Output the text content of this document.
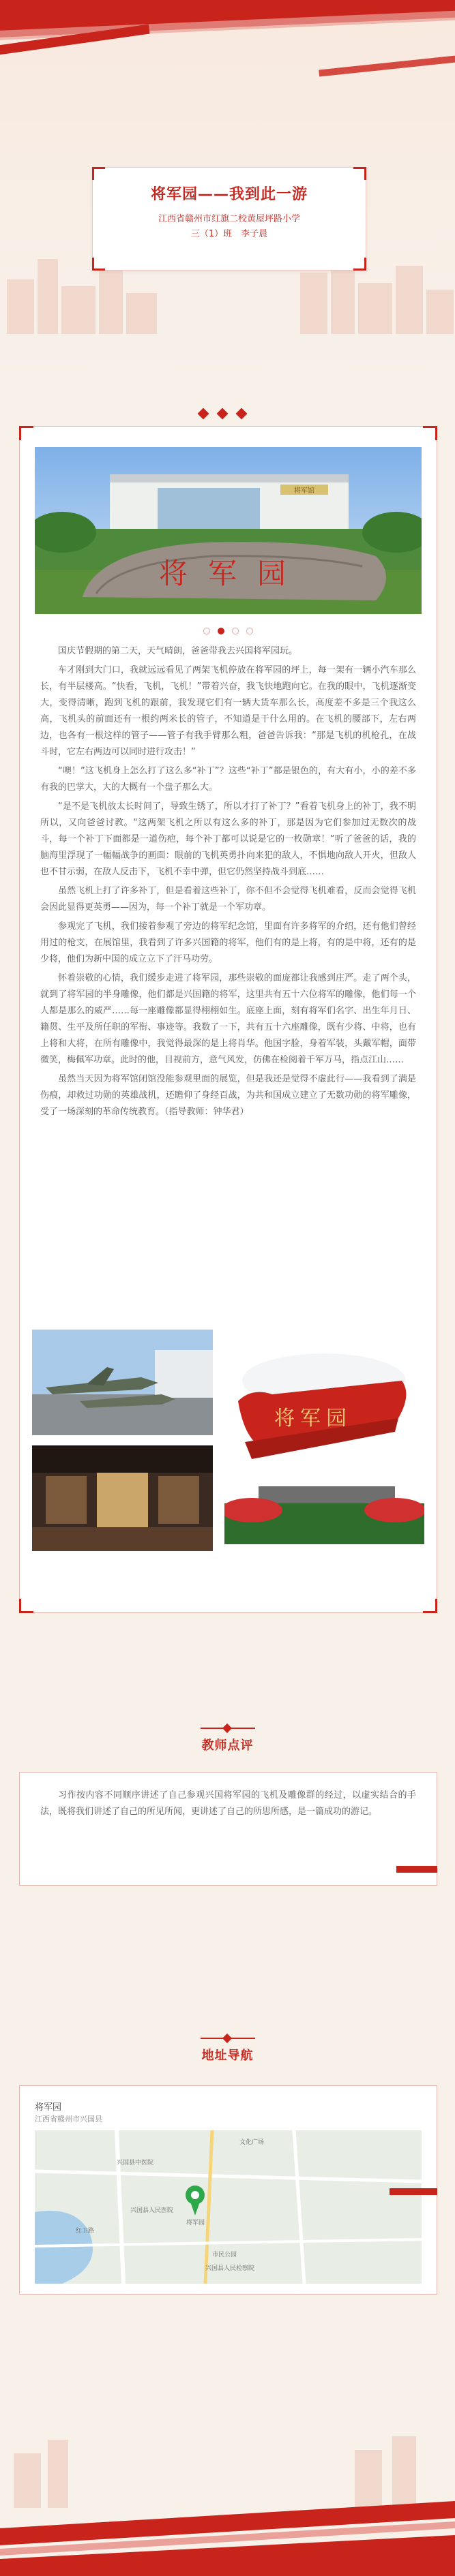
将军园——我到此一游
江西省赣州市红旗二校黄屋坪路小学
三（1）班　李子晨
将军馆
将军园

国庆节假期的第二天，天气晴朗，爸爸带我去兴国将军园玩。

车才刚到大门口，我就远远看见了两架飞机停放在将军园的坪上，每一架有一辆小汽车那么长，有半层楼高。“快看，飞机，飞机！”带着兴奋，我飞快地跑向它。在我的眼中，飞机逐渐变大，变得清晰，跑到飞机的跟前，我发现它们有一辆大货车那么长，高度差不多是三个我这么高，飞机头的前面还有一根约两米长的管子，不知道是干什么用的。在飞机的腰部下，左右两边，也各有一根这样的管子——管子有我手臂那么粗，爸爸告诉我：“那是飞机的机枪孔，在战斗时，它左右两边可以同时进行攻击！”

“噢！”这飞机身上怎么打了这么多“补丁”？这些“补丁”都是银色的，有大有小，小的差不多有我的巴掌大，大的大概有一个盘子那么大。

“是不是飞机放太长时间了，导致生锈了，所以才打了补丁？”看着飞机身上的补丁，我不明所以，又向爸爸讨教。“这两架飞机之所以有这么多的补丁，那是因为它们参加过无数次的战斗，每一个补丁下面都是一道伤疤，每个补丁都可以说是它的一枚勋章！”听了爸爸的话，我的脑海里浮现了一幅幅战争的画面：眼前的飞机英勇扑向来犯的敌人，不惧地向敌人开火，但敌人也不甘示弱，在敌人反击下，飞机不幸中弹，但它仍然坚持战斗到底……

虽然飞机上打了许多补丁，但是看着这些补丁，你不但不会觉得飞机难看，反而会觉得飞机会因此显得更英勇——因为，每一个补丁就是一个军功章。

参观完了飞机，我们接着参观了旁边的将军纪念馆，里面有许多将军的介绍，还有他们曾经用过的枪支，在展馆里，我看到了许多兴国籍的将军，他们有的是上将，有的是中将，还有的是少将，他们为新中国的成立立下了汗马功劳。

怀着崇敬的心情，我们缓步走进了将军园，那些崇敬的面庞都让我感到庄严。走了两个头，就到了将军园的半身雕像，他们都是兴国籍的将军，这里共有五十六位将军的雕像，他们每一个人都是那么的威严……每一座雕像都显得栩栩如生。底座上面，刻有将军们名字、出生年月日、籍贯、生平及所任职的军衔、事迹等。我数了一下，共有五十六座雕像，既有少将、中将，也有上将和大将，在所有雕像中，我觉得最深的是上将肖华。他国字脸，身着军装，头戴军帽，面带微笑，梅佩军功章。此时的他，目视前方，意气风发，仿佛在检阅着千军万马，指点江山……

虽然当天因为将军馆闭馆没能参观里面的展览，但是我还是觉得不虚此行——我看到了满是伤痕，却救过功勋的英雄战机，还瞻仰了身经百战，为共和国成立建立了无数功勋的将军雕像，受了一场深刻的革命传统教育。（指导教师：钟华君）

将军园
教师点评

习作按内容不同顺序讲述了自己参观兴国将军园的飞机及雕像群的经过，以虚实结合的手法，既将我们讲述了自己的所见所闻，更讲述了自己的所思所感，是一篇成功的游记。

地址导航
将军园
江西省赣州市兴国县
文化广场
兴国县中医院
兴国县人民医院
红卫路
将军园
市民公园
兴国县人民检察院
